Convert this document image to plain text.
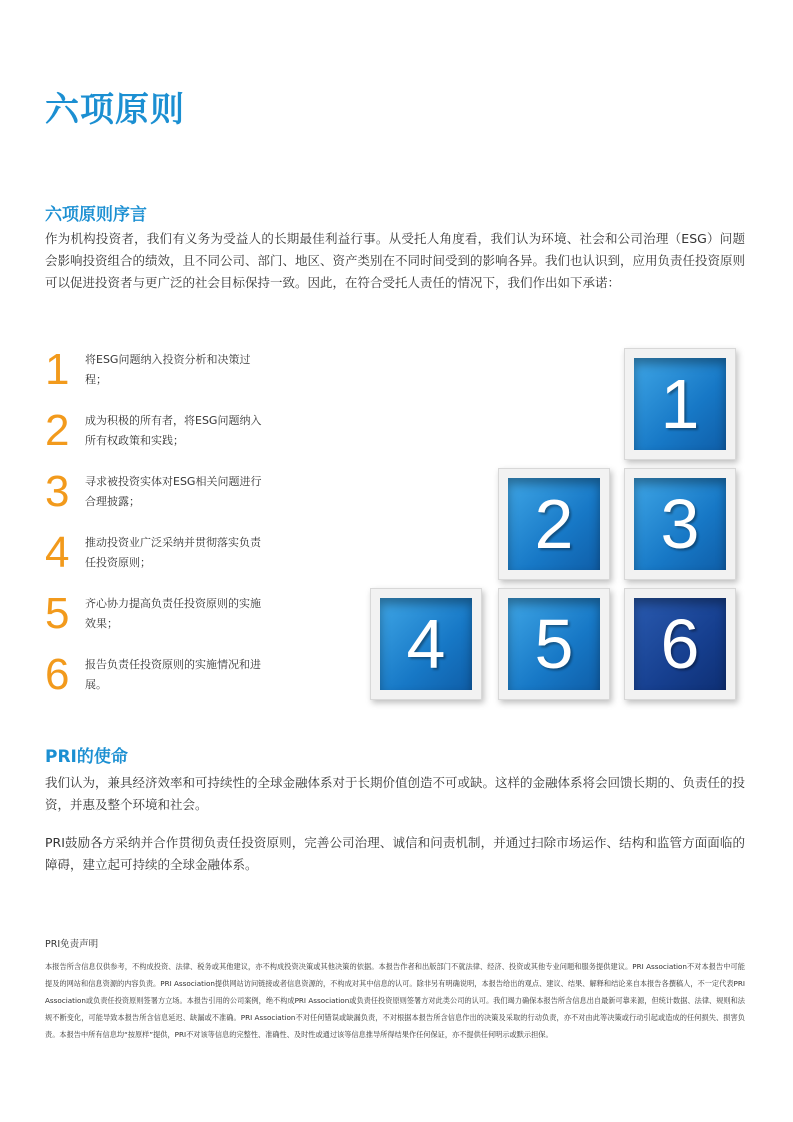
六项原则
六项原则序言

作为机构投资者，我们有义务为受益人的长期最佳利益行事。从受托人角度看，我们认为环境、社会和公司治理（ESG）问题会影响投资组合的绩效，且不同公司、部门、地区、资产类别在不同时间受到的影响各异。我们也认识到，应用负责任投资原则可以促进投资者与更广泛的社会目标保持一致。因此，在符合受托人责任的情况下，我们作出如下承诺：

1 将ESG问题纳入投资分析和决策过程；
2 成为积极的所有者，将ESG问题纳入所有权政策和实践；
3 寻求被投资实体对ESG相关问题进行合理披露；
4 推动投资业广泛采纳并贯彻落实负责任投资原则；
5 齐心协力提高负责任投资原则的实施效果；
6 报告负责任投资原则的实施情况和进展。
1
2	3
4	5	6
PRI的使命

我们认为，兼具经济效率和可持续性的全球金融体系对于长期价值创造不可或缺。这样的金融体系将会回馈长期的、负责任的投资，并惠及整个环境和社会。

PRI鼓励各方采纳并合作贯彻负责任投资原则，完善公司治理、诚信和问责机制，并通过扫除市场运作、结构和监管方面面临的障碍，建立起可持续的全球金融体系。

PRI免责声明

本报告所含信息仅供参考，不构成投资、法律、税务或其他建议，亦不构成投资决策或其他决策的依据。本报告作者和出版部门不就法律、经济、投资或其他专业问题和服务提供建议。PRI Association不对本报告中可能提及的网站和信息资源的内容负责。PRI Association提供网站访问链接或者信息资源的，不构成对其中信息的认可。除非另有明确说明，本报告给出的观点、建议、结果、解释和结论来自本报告各撰稿人，不一定代表PRI Association或负责任投资原则签署方立场。本报告引用的公司案例，绝不构成PRI Association或负责任投资原则签署方对此类公司的认可。我们竭力确保本报告所含信息出自最新可靠来源，但统计数据、法律、规则和法规不断变化，可能导致本报告所含信息延迟、缺漏或不准确。PRI Association不对任何错误或缺漏负责，不对根据本报告所含信息作出的决策及采取的行动负责，亦不对由此等决策或行动引起或造成的任何损失、损害负责。本报告中所有信息均“按原样”提供，PRI不对该等信息的完整性、准确性、及时性或通过该等信息推导所得结果作任何保证，亦不提供任何明示或默示担保。
